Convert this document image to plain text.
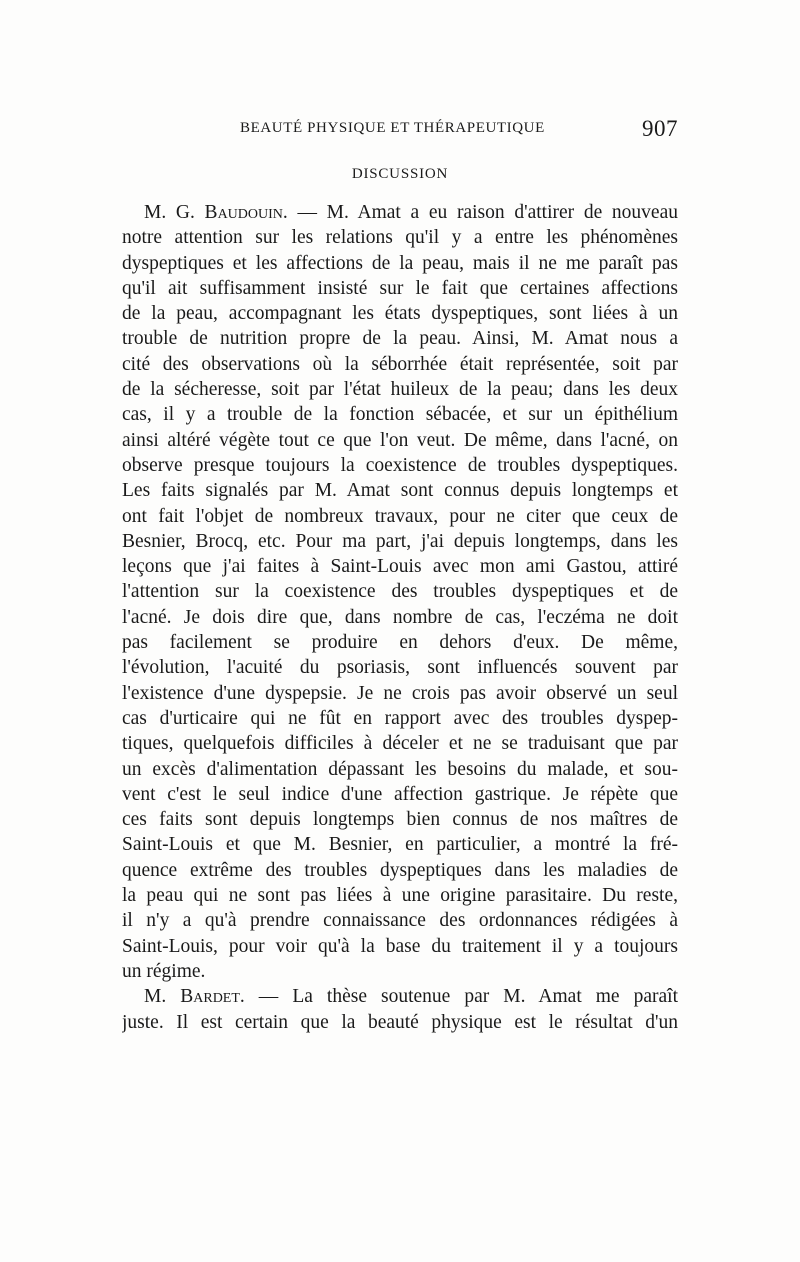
BEAUTÉ PHYSIQUE ET THÉRAPEUTIQUE	907
DISCUSSION
M. G. Baudouin. — M. Amat a eu raison d'attirer de nouveau
notre attention sur les relations qu'il y a entre les phénomènes
dyspeptiques et les affections de la peau, mais il ne me paraît pas
qu'il ait suffisamment insisté sur le fait que certaines affections
de la peau, accompagnant les états dyspeptiques, sont liées à un
trouble de nutrition propre de la peau. Ainsi, M. Amat nous a
cité des observations où la séborrhée était représentée, soit par
de la sécheresse, soit par l'état huileux de la peau; dans les deux
cas, il y a trouble de la fonction sébacée, et sur un épithélium
ainsi altéré végète tout ce que l'on veut. De même, dans l'acné, on
observe presque toujours la coexistence de troubles dyspeptiques.
Les faits signalés par M. Amat sont connus depuis longtemps et
ont fait l'objet de nombreux travaux, pour ne citer que ceux de
Besnier, Brocq, etc. Pour ma part, j'ai depuis longtemps, dans les
leçons que j'ai faites à Saint-Louis avec mon ami Gastou, attiré
l'attention sur la coexistence des troubles dyspeptiques et de
l'acné. Je dois dire que, dans nombre de cas, l'eczéma ne doit
pas facilement se produire en dehors d'eux. De même,
l'évolution, l'acuité du psoriasis, sont influencés souvent par
l'existence d'une dyspepsie. Je ne crois pas avoir observé un seul
cas d'urticaire qui ne fût en rapport avec des troubles dyspep-
tiques, quelquefois difficiles à déceler et ne se traduisant que par
un excès d'alimentation dépassant les besoins du malade, et sou-
vent c'est le seul indice d'une affection gastrique. Je répète que
ces faits sont depuis longtemps bien connus de nos maîtres de
Saint-Louis et que M. Besnier, en particulier, a montré la fré-
quence extrême des troubles dyspeptiques dans les maladies de
la peau qui ne sont pas liées à une origine parasitaire. Du reste,
il n'y a qu'à prendre connaissance des ordonnances rédigées à
Saint-Louis, pour voir qu'à la base du traitement il y a toujours
un régime.
M. Bardet. — La thèse soutenue par M. Amat me paraît
juste. Il est certain que la beauté physique est le résultat d'un
